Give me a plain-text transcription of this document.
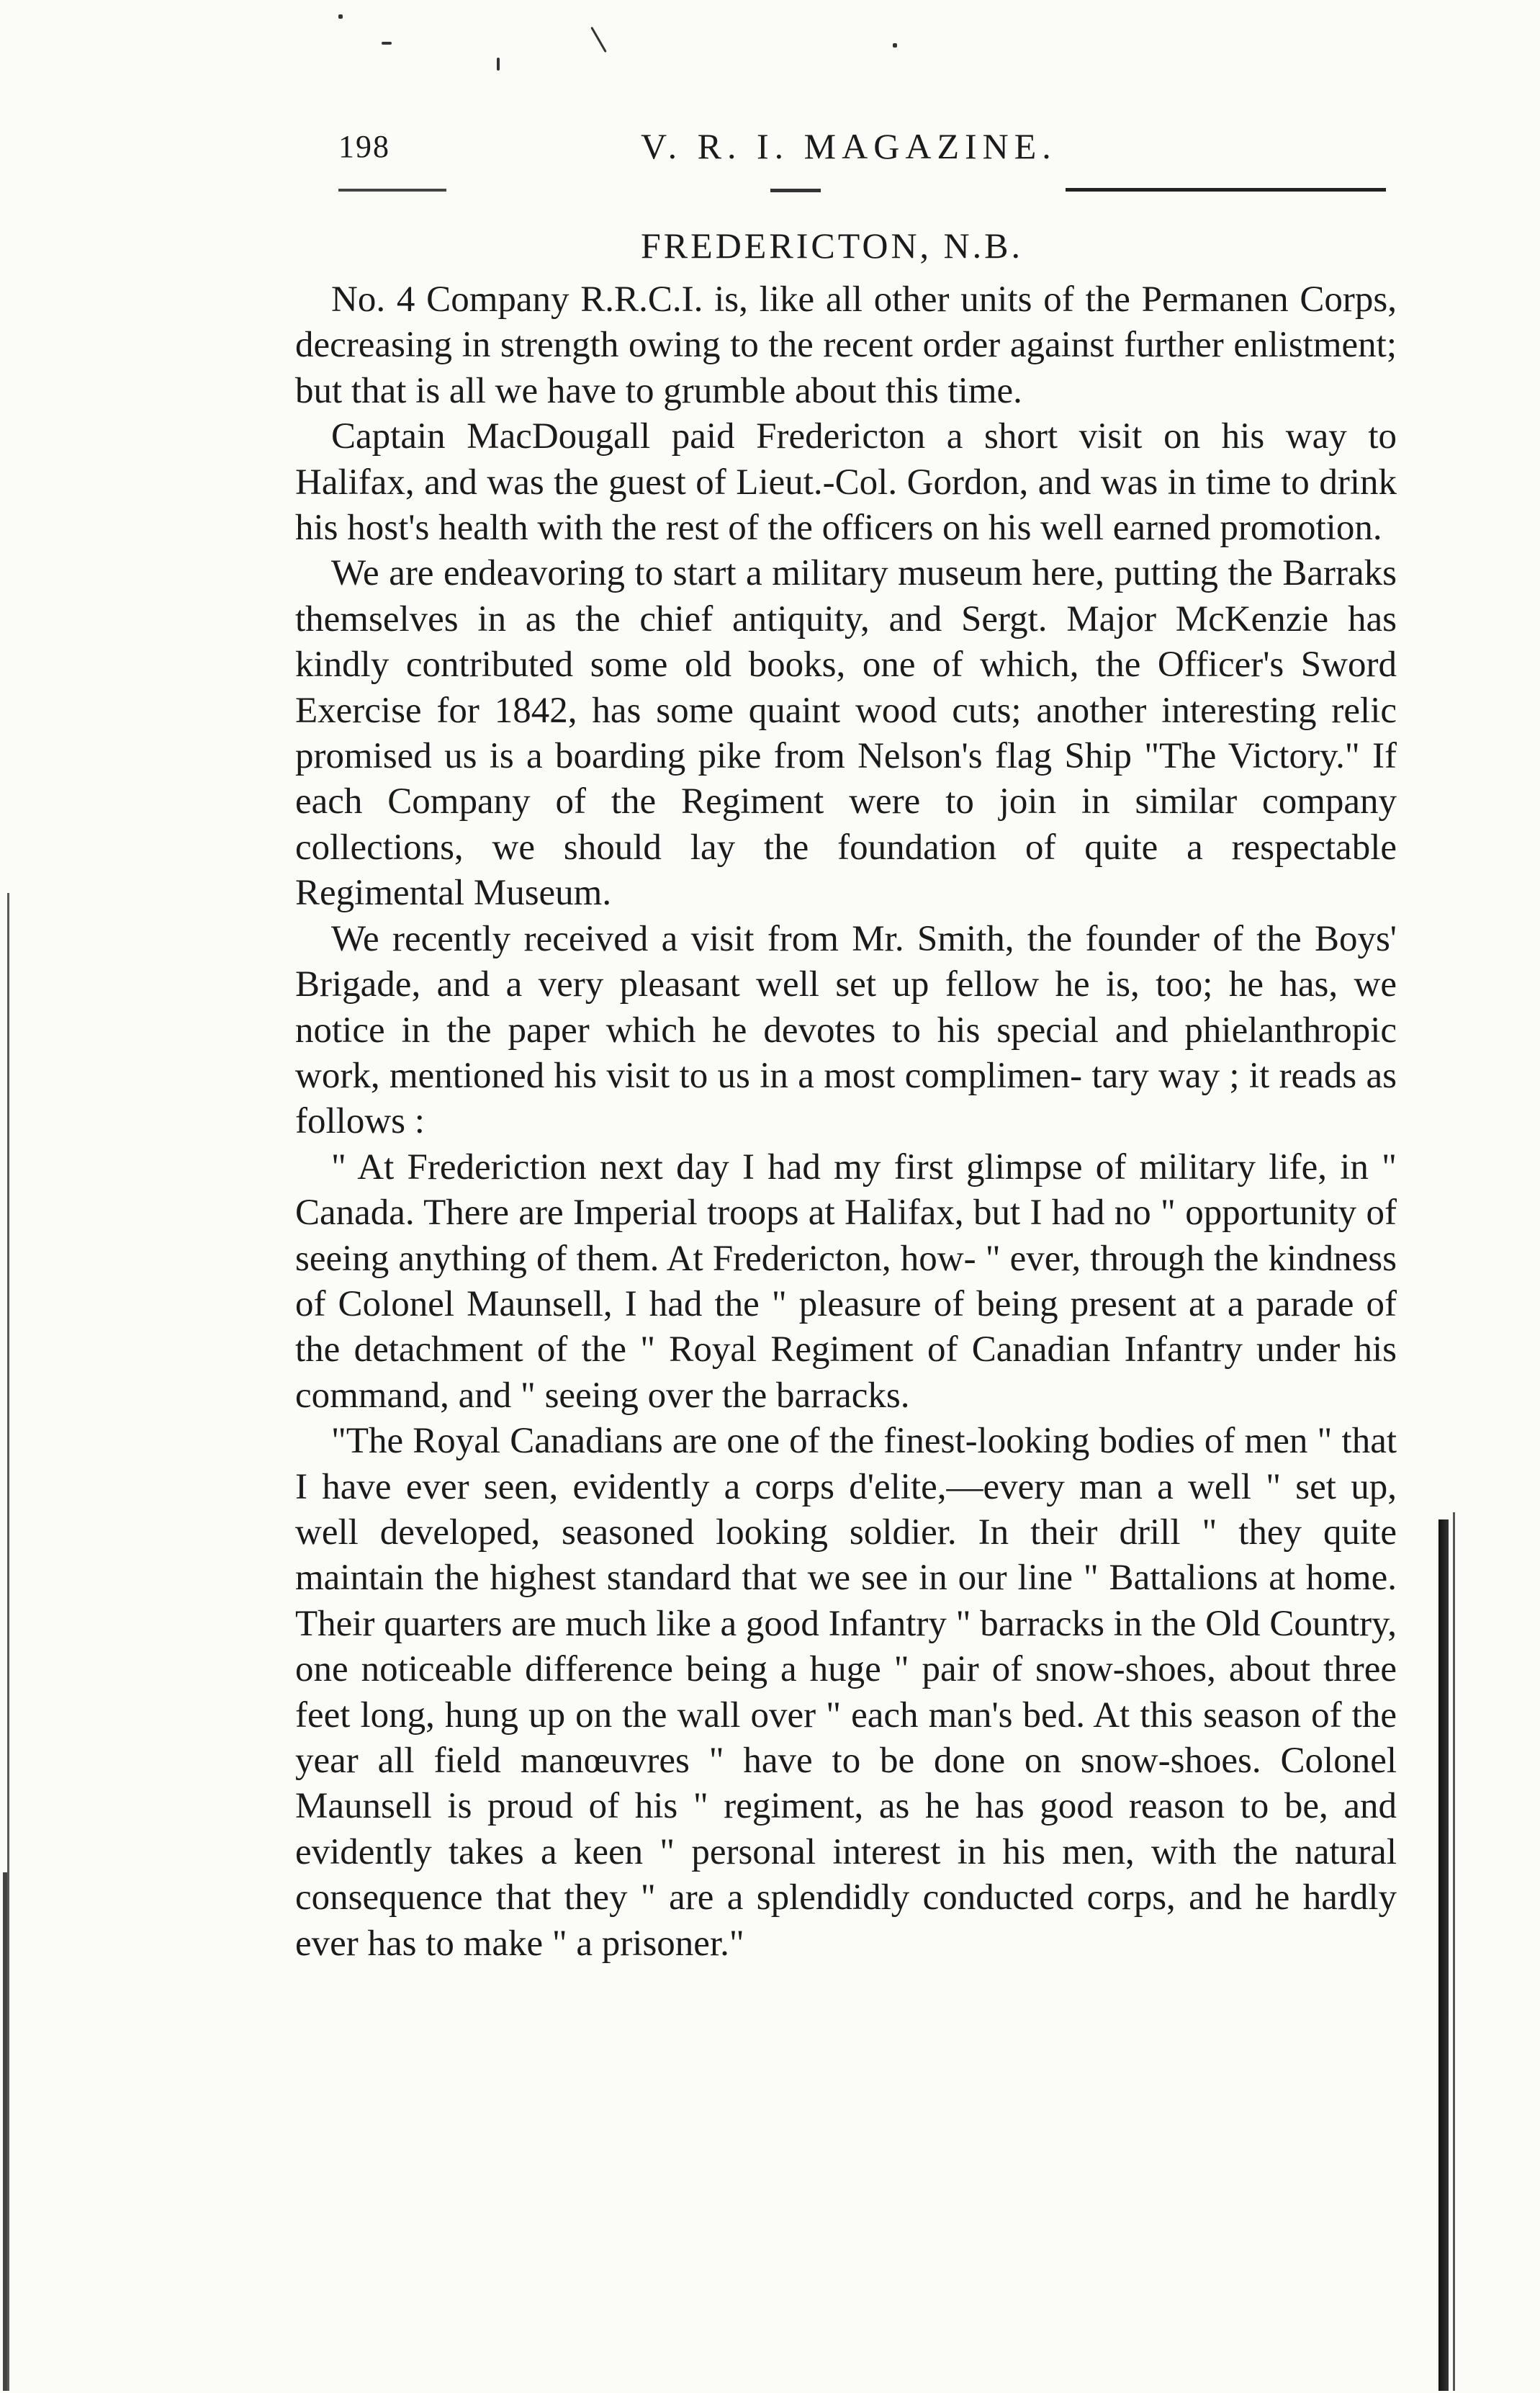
198	V. R. I. MAGAZINE.
FREDERICTON, N.B.

No. 4 Company R.R.C.I. is, like all other units of the Permanen Corps, decreasing in strength owing to the recent order against further enlistment; but that is all we have to grumble about this time.

Captain MacDougall paid Fredericton a short visit on his way to Halifax, and was the guest of Lieut.-Col. Gordon, and was in time to drink his host's health with the rest of the officers on his well earned promotion.

We are endeavoring to start a military museum here, putting the Barraks themselves in as the chief antiquity, and Sergt. Major McKenzie has kindly contributed some old books, one of which, the Officer's Sword Exercise for 1842, has some quaint wood cuts; another interesting relic promised us is a boarding pike from Nelson's flag Ship "The Victory." If each Company of the Regiment were to join in similar company collections, we should lay the foundation of quite a respectable Regimental Museum.

We recently received a visit from Mr. Smith, the founder of the Boys' Brigade, and a very pleasant well set up fellow he is, too; he has, we notice in the paper which he devotes to his special and phielanthropic work, mentioned his visit to us in a most complimen- tary way ; it reads as follows :

" At Frederiction next day I had my first glimpse of military life, in " Canada. There are Imperial troops at Halifax, but I had no " opportunity of seeing anything of them. At Fredericton, how- " ever, through the kindness of Colonel Maunsell, I had the " pleasure of being present at a parade of the detachment of the " Royal Regiment of Canadian Infantry under his command, and " seeing over the barracks.

"The Royal Canadians are one of the finest-looking bodies of men " that I have ever seen, evidently a corps d'elite,—every man a well " set up, well developed, seasoned looking soldier. In their drill " they quite maintain the highest standard that we see in our line " Battalions at home. Their quarters are much like a good Infantry " barracks in the Old Country, one noticeable difference being a huge " pair of snow-shoes, about three feet long, hung up on the wall over " each man's bed. At this season of the year all field manœuvres " have to be done on snow-shoes. Colonel Maunsell is proud of his " regiment, as he has good reason to be, and evidently takes a keen " personal interest in his men, with the natural consequence that they " are a splendidly conducted corps, and he hardly ever has to make " a prisoner."
